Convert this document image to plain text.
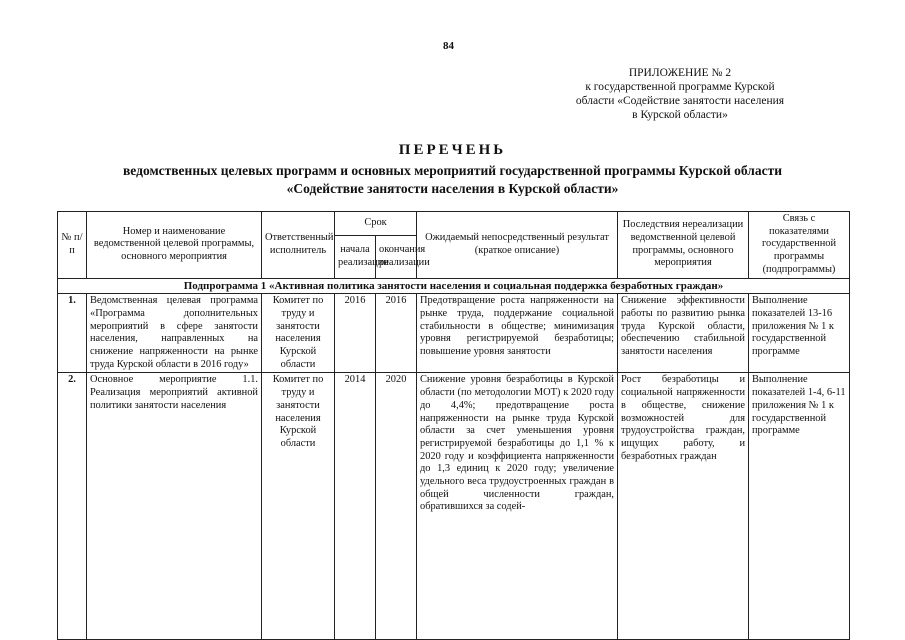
84
ПРИЛОЖЕНИЕ № 2
к государственной программе Курской
области «Содействие занятости населения
в Курской области»
ПЕРЕЧЕНЬ
ведомственных целевых программ и основных мероприятий государственной программы Курской области
«Содействие занятости населения в Курской области»
№ п/п	Номер и наименование ведомственной целевой программы, основного мероприятия	Ответственный исполнитель	Срок		Ожидаемый непосредственный результат (краткое описание)	Последствия нереализации ведомственной целевой программы, основного мероприятия	Связь с показателями государственной программы (подпрограммы)
			начала реализации	окончания реализации			
Подпрограмма 1 «Активная политика занятости населения и социальная поддержка безработных граждан»							
1.	Ведомственная целевая программа «Программа дополнительных мероприятий в сфере занятости населения, направленных на снижение напряженности на рынке труда Курской области в 2016 году»	Комитет по труду и занятости населения Курской области	2016	2016	Предотвращение роста напряженности на рынке труда, поддержание социальной стабильности в обществе; минимизация уровня регистрируемой безработицы; повышение уровня занятости	Снижение эффективности работы по развитию рынка труда Курской области, обеспечению стабильной занятости населения	Выполнение показателей 13-16 приложения № 1 к государственной программе
2.	Основное мероприятие 1.1. Реализация мероприятий активной политики занятости населения	Комитет по труду и занятости населения Курской области	2014	2020	Снижение уровня безработицы в Курской области (по методологии МОТ) к 2020 году до 4,4%; предотвращение роста напряженности на рынке труда Курской области за счет уменьшения уровня регистрируемой безработицы до 1,1 % к 2020 году и коэффициента напряженности до 1,3 единиц к 2020 году; увеличение удельного веса трудоустроенных граждан в общей численности граждан, обратившихся за содей-	Рост безработицы и социальной напряженности в обществе, снижение возможностей для трудоустройства граждан, ищущих работу, и безработных граждан	Выполнение показателей 1-4, 6-11 приложения № 1 к государственной программе
